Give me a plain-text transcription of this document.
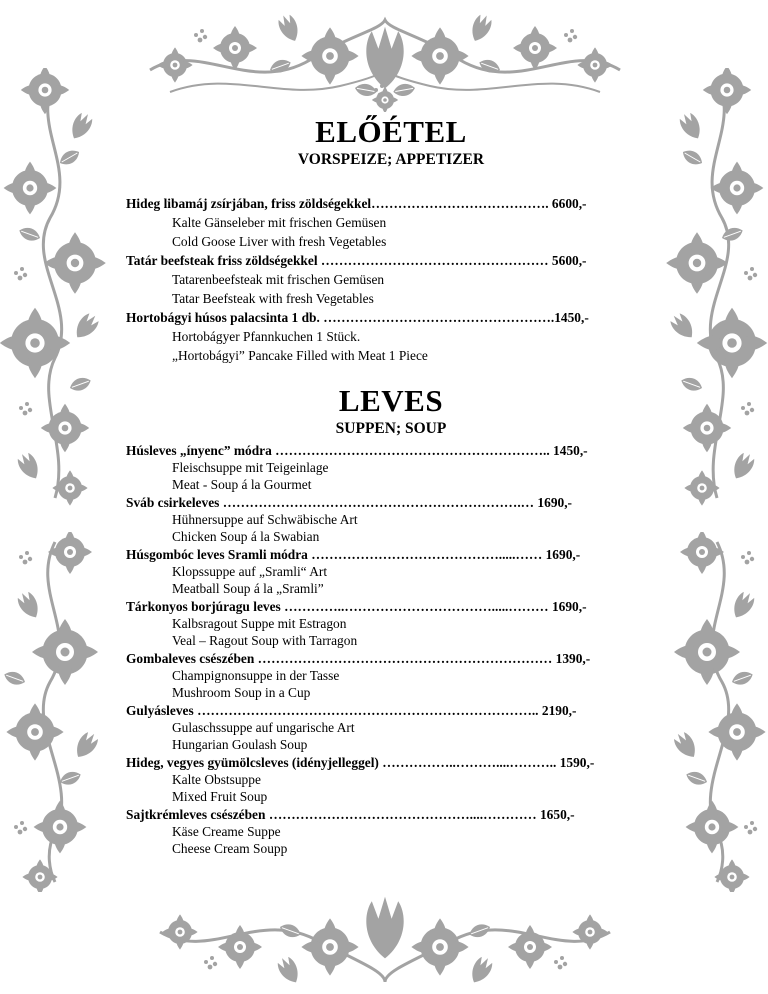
ELŐÉTEL
VORSPEIZE; APPETIZER
Hideg libamáj zsírjában, friss zöldségekkel…………………………………. 6600,-
Kalte Gänseleber mit frischen Gemüsen
Cold Goose Liver with fresh Vegetables
Tatár beefsteak friss zöldségekkel …………………………………………… 5600,-
Tatarenbeefsteak mit frischen Gemüsen
Tatar Beefsteak with fresh Vegetables
Hortobágyi húsos palacsinta 1 db. …………………………………………….1450,-
Hortobágyer Pfannkuchen 1 Stück.
„Hortobágyi” Pancake Filled with Meat 1 Piece
LEVES
SUPPEN; SOUP
Húsleves „ínyenc” módra …………………………………………………….. 1450,-
Fleischsuppe mit Teigeinlage
Meat - Soup á la Gourmet
Sváb csirkeleves ………………………………………………………….… 1690,-
Hühnersuppe auf Schwäbische Art
Chicken Soup á la Swabian
Húsgombóc leves Sramli módra …………………………………….....…… 1690,-
Klopssuppe auf „Sramli“ Art
Meatball Soup á la „Sramli”
Tárkonyos borjúragu leves …………..…………………………….....……… 1690,-
Kalbsragout Suppe mit Estragon
Veal – Ragout Soup with Tarragon
Gombaleves csészében ………………………………………………………… 1390,-
Champignonsuppe in der Tasse
Mushroom Soup in a Cup
Gulyásleves ………………………………………………………………….. 2190,-
Gulaschssuppe auf ungarische Art
Hungarian Goulash Soup
Hideg, vegyes gyümölcsleves (idényjelleggel) ……………..………....……….. 1590,-
Kalte Obstsuppe
Mixed Fruit Soup
Sajtkrémleves csészében ………………………………………....………… 1650,-
Käse Creame Suppe
Cheese Cream Soupp
